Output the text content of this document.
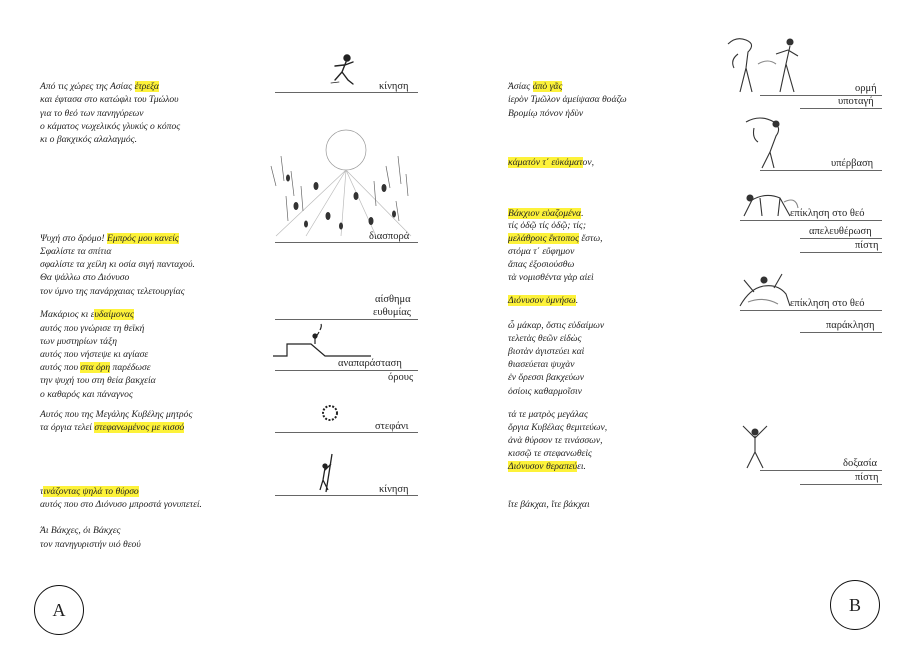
Από τις χώρες της Ασίας έτρεξα
και έφτασα στο κατώφλι του Τμώλου
για το θεό των πανηγύρεων
ο κάματος νωχελικός γλυκύς ο κόπος
κι ο βακχικός αλαλαγμός.
Ψυχή στο δρόμο! Εμπρός μου κανείς
Σφαλίστε τα σπίτια
σφαλίστε τα χείλη κι οσία σιγή πανταχού.
Θα ψάλλω στο Διόνυσο
τον ύμνο της πανάρχαιας τελετουργίας
Μακάριος κι ευδαίμονας
αυτός που γνώρισε τη θεϊκή
των μυστηρίων τάξη
αυτός που νήστεψε κι αγίασε
αυτός που στα όρη παρέδωσε
την ψυχή του στη θεία βακχεία
ο καθαρός και πάναγνος
Αυτός που της Μεγάλης Κυβέλης μητρός
τα όργια τελεί στεφανωμένος με κισσό
τινάζοντας ψηλά το θύρσο
αυτός που στο Διόνυσο μπροστά γονυπετεί.
Άι Βάκχες, όι Βάκχες
τον πανηγυριστήν υιό θεού
Ἀσίας ἀπὸ γᾶς
ἱερὸν Τμῶλον ἀμείψασα θοάζω
Βρομίῳ πόνον ἡδὺν
κάματόν τ΄ εὐκάματον,
Βάκχιον εὐαζομένα.
τίς ὁδῷ τίς ὁδῷ; τίς;
μελάθροις ἔκτοπος ἔστω,
στόμα τ΄ εὔφημον
ἅπας ἐξοσιούσθω
τὰ νομισθέντα γὰρ αἰεὶ
Διόνυσον ὑμνήσω.
ὦ μάκαρ, ὅστις εὐδαίμων
τελετὰς θεῶν εἰδὼς
βιοτὰν ἁγιστεύει καὶ
θιασεύεται ψυχὰν
ἐν ὄρεσσι βακχεύων
ὁσίοις καθαρμοῖσιν
τά τε ματρὸς μεγάλας
ὄργια Κυβέλας θεμιτεύων,
ἀνὰ θύρσον τε τινάσσων,
κισσῷ τε στεφανωθεὶς
Διόνυσον θεραπεύει.
ἴτε βάκχαι, ἴτε βάκχαι
κίνηση
διασπορά
αίσθημα
ευθυμίας
αναπαράσταση
όρους
στεφάνι
κίνηση
ορμή
υποταγή
υπέρβαση
επίκληση στο θεό
απελευθέρωση
πίστη
επίκληση στο θεό
παράκληση
δοξασία
πίστη
A	B
